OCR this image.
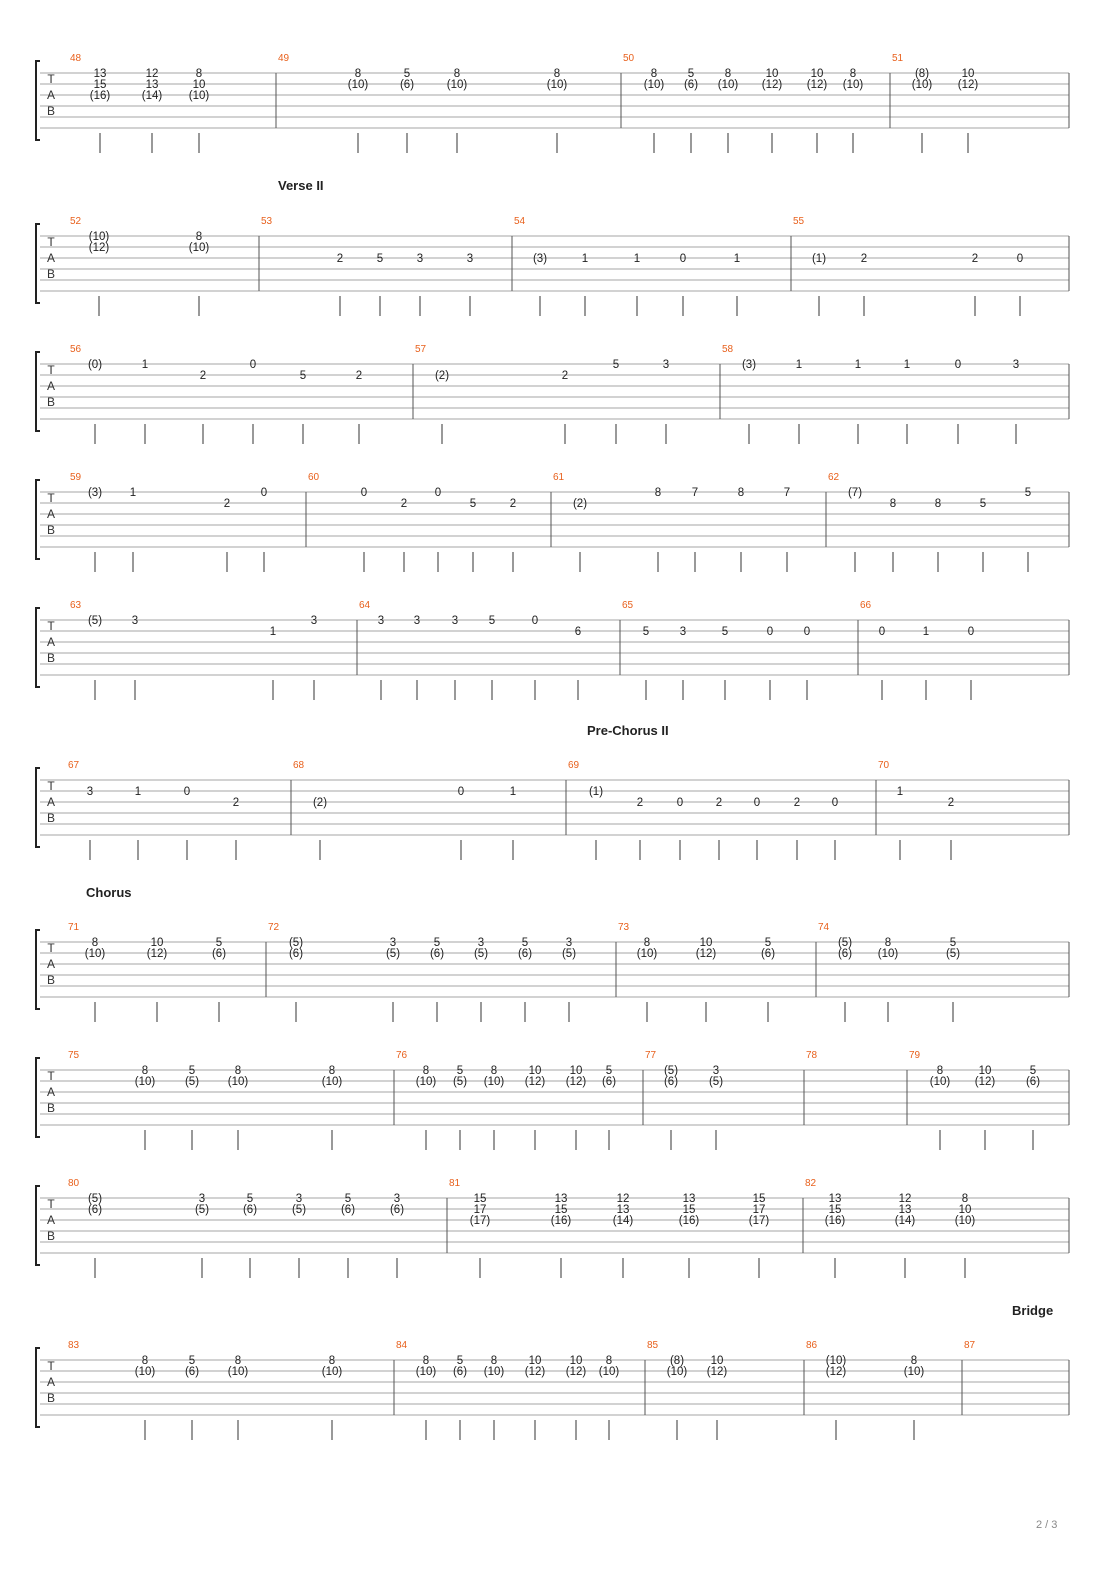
T
A
B
48
13
15
(16)
12
13
(14)
8
10
(10)
49
8
(10)
5
(6)
8
(10)
8
(10)
50
8
(10)
5
(6)
8
(10)
10
(12)
10
(12)
8
(10)
51
(8)
(10)
10
(12)
Verse II
T
A
B
52
(10)
(12)
8
(10)
53
2	5	3	3
54
(3)	1	1	0	1
55
(1)	2	2	0
T
A
B
56
(0)	1
2
0
5	2
57
(2)	2
5	3
58
(3)	1	1	1	0	3
T
A
B
59
(3) 1
2
0
60
0
2
0
5	2
61
(2)
8	7	8	7
62
(7)
8	8	5
5
T
A
B
63
(5)	3
1
3
64
3	3	3	5	0
6
65
5	3	5	0	0
66
0	1	0
Pre-Chorus II
T
A
B
67
3	1	0
2
68
(2)
0	1
69
(1)
2	0	2	0	2	0
70
1
2
Chorus
T
A
B
71
8
(10)
10
(12)
5
(6)
72
(5)
(6)
3
(5)
5
(6)
3
(5)
5
(6)
3
(5)
73
8
(10)
10
(12)
5
(6)
74
(5)
(6)
8
(10)
5
(5)
T
A
B
75
8
(10)
5
(5)
8
(10)
8
(10)
76
8
(10)
5
(5)
8
(10)
10
(12)
10
(12)
5
(6)
77
(5)
(6)
3
(5)
78	79
8
(10)
10
(12)
5
(6)
T
A
B
80
(5)
(6)
3
(5)
5
(6)
3
(5)
5
(6)
3
(6)
81
15
17
(17)
13
15
(16)
12
13
(14)
13
15
(16)
15
17
(17)
82
13
15
(16)
12
13
(14)
8
10
(10)
Bridge
T
A
B
83
8
(10)
5
(6)
8
(10)
8
(10)
84
8
(10)
5
(6)
8
(10)
10
(12)
10
(12)
8
(10)
85
(8)
(10)
10
(12)
86
(10)
(12)
8
(10)
87
2 / 3
